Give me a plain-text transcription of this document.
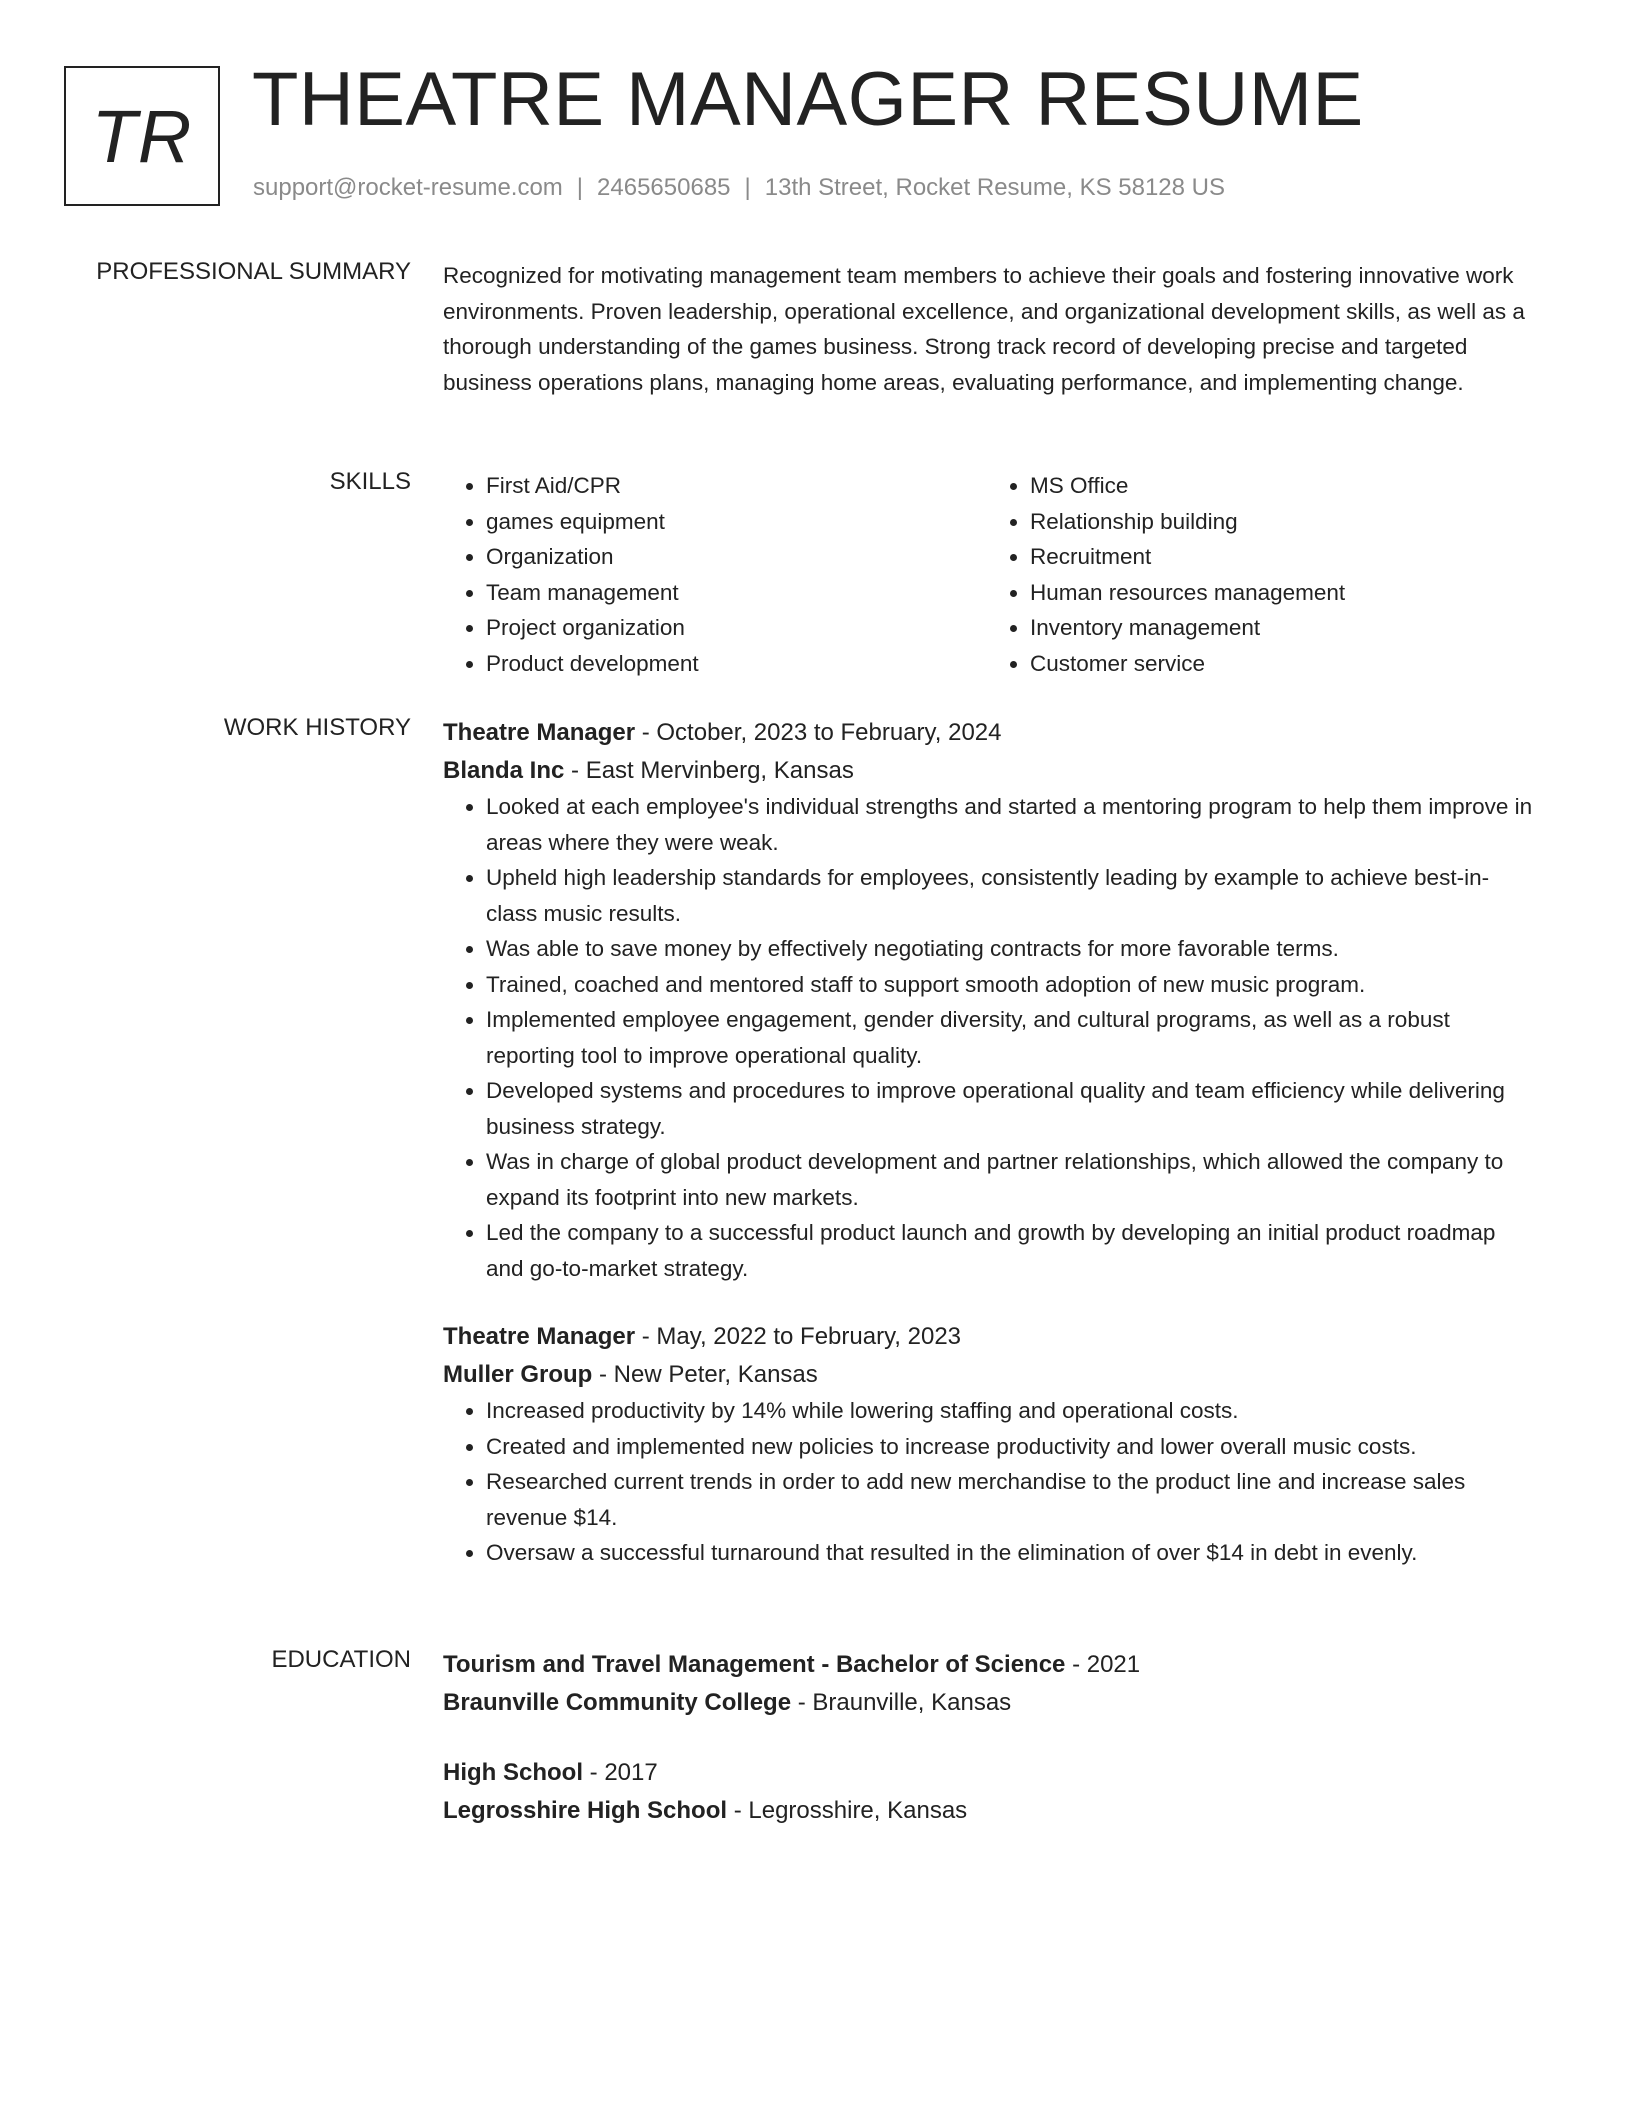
TR THEATRE MANAGER RESUME
support@rocket-resume.com | 2465650685 | 13th Street, Rocket Resume, KS 58128 US
PROFESSIONAL SUMMARY Recognized for motivating management team members to achieve their goals and fostering innovative work environments. Proven leadership, operational excellence, and organizational development skills, as well as a thorough understanding of the games business. Strong track record of developing precise and targeted business operations plans, managing home areas, evaluating performance, and implementing change.

SKILLS
•	First Aid/CPR
• games equipment
• Organization
• Team management
• Project organization
• Product development
• MS Office
• Relationship building
• Recruitment
• Human resources management
• Inventory management
• Customer service
WORK HISTORY Theatre Manager - October, 2023 to February, 2024
Blanda Inc - East Mervinberg, Kansas
• Looked at each employee's individual strengths and started a mentoring program to help them improve in areas where they were weak.
• Upheld high leadership standards for employees, consistently leading by example to achieve best-in-class music results.
• Was able to save money by effectively negotiating contracts for more favorable terms.
• Trained, coached and mentored staff to support smooth adoption of new music program.
• Implemented employee engagement, gender diversity, and cultural programs, as well as a robust reporting tool to improve operational quality.
• Developed systems and procedures to improve operational quality and team efficiency while delivering business strategy.
• Was in charge of global product development and partner relationships, which allowed the company to expand its footprint into new markets.
• Led the company to a successful product launch and growth by developing an initial product roadmap and go-to-market strategy.
Theatre Manager - May, 2022 to February, 2023
Muller Group - New Peter, Kansas
• Increased productivity by 14% while lowering staffing and operational costs.
• Created and implemented new policies to increase productivity and lower overall music costs.
• Researched current trends in order to add new merchandise to the product line and increase sales revenue $14.
• Oversaw a successful turnaround that resulted in the elimination of over $14 in debt in evenly.
EDUCATION Tourism and Travel Management - Bachelor of Science - 2021
Braunville Community College - Braunville, Kansas
High School - 2017
Legrosshire High School - Legrosshire, Kansas
